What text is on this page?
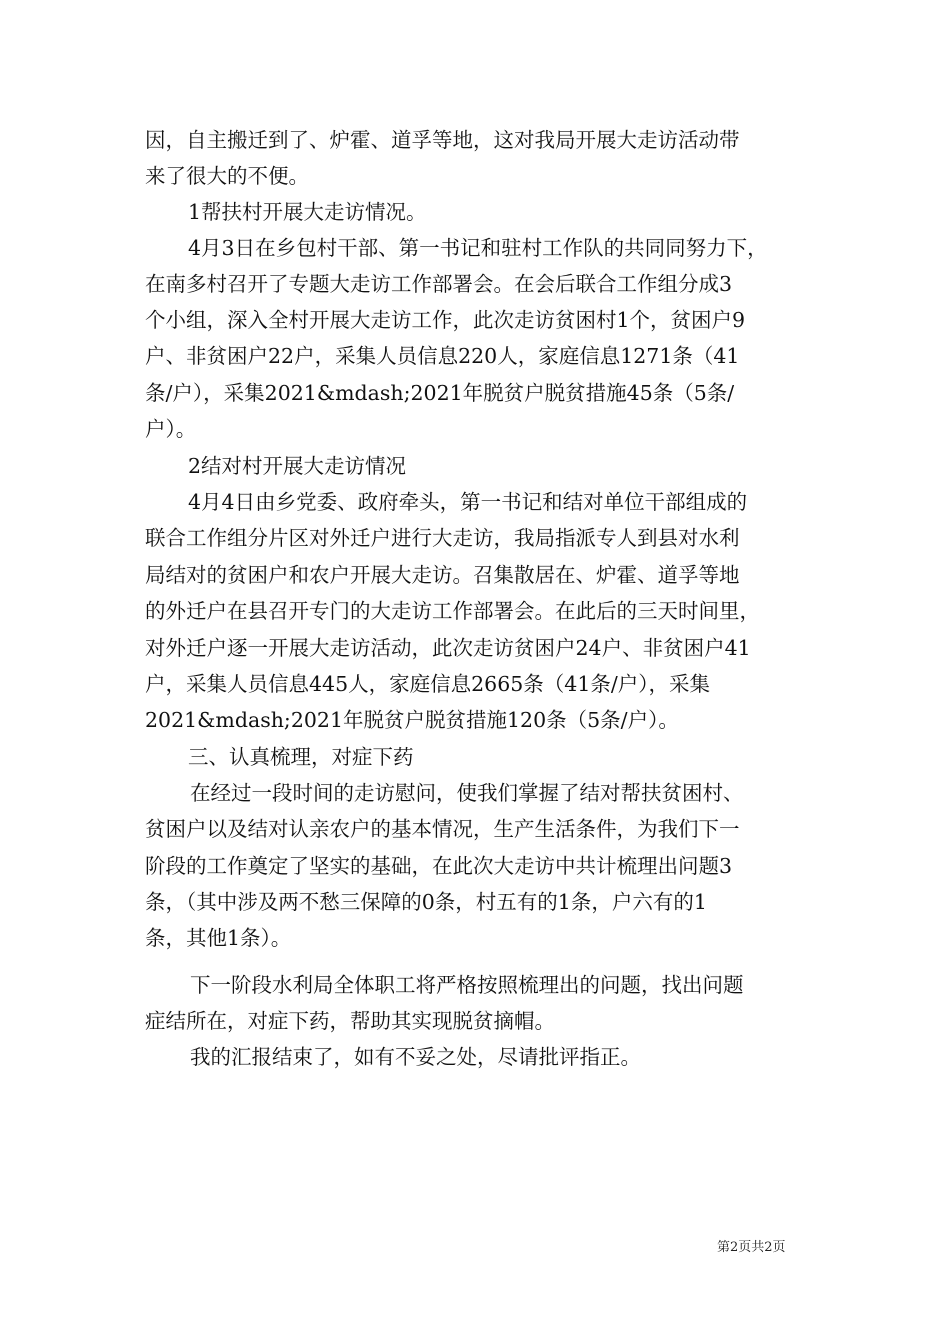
因，自主搬迁到了、炉霍、道孚等地，这对我局开展大走访活动带
来了很大的不便。
1帮扶村开展大走访情况。
4月3日在乡包村干部、第一书记和驻村工作队的共同同努力下，
在南多村召开了专题大走访工作部署会。在会后联合工作组分成3
个小组，深入全村开展大走访工作，此次走访贫困村1个，贫困户9
户、非贫困户22户，采集人员信息220人，家庭信息1271条（41
条/户），采集2021&mdash;2021年脱贫户脱贫措施45条（5条/
户）。
2结对村开展大走访情况
4月4日由乡党委、政府牵头，第一书记和结对单位干部组成的
联合工作组分片区对外迁户进行大走访，我局指派专人到县对水利
局结对的贫困户和农户开展大走访。召集散居在、炉霍、道孚等地
的外迁户在县召开专门的大走访工作部署会。在此后的三天时间里，
对外迁户逐一开展大走访活动，此次走访贫困户24户、非贫困户41
户，采集人员信息445人，家庭信息2665条（41条/户），采集
2021&mdash;2021年脱贫户脱贫措施120条（5条/户）。
三、认真梳理，对症下药
在经过一段时间的走访慰问，使我们掌握了结对帮扶贫困村、
贫困户以及结对认亲农户的基本情况，生产生活条件，为我们下一
阶段的工作奠定了坚实的基础，在此次大走访中共计梳理出问题3
条，（其中涉及两不愁三保障的0条，村五有的1条，户六有的1
条，其他1条）。
下一阶段水利局全体职工将严格按照梳理出的问题，找出问题
症结所在，对症下药，帮助其实现脱贫摘帽。
我的汇报结束了，如有不妥之处，尽请批评指正。
第2页共2页
